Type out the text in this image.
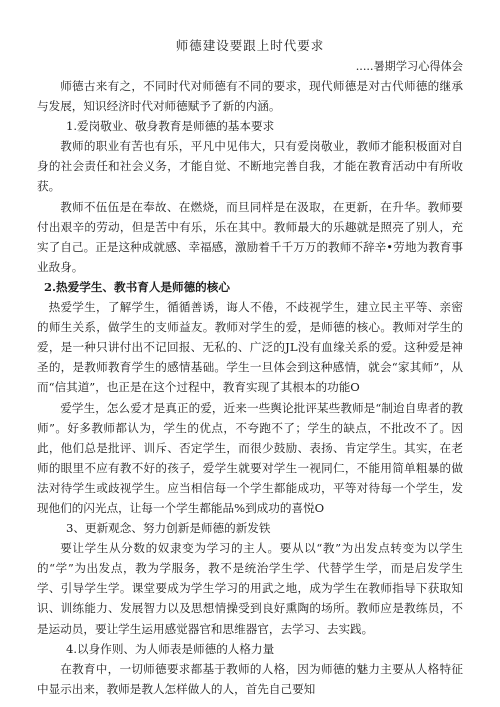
师德建设要跟上时代要求
.....暑期学习心得体会

师德古来有之，不同时代对师德有不同的要求，现代师德是对古代师德的继承与发展，知识经济时代对师德赋予了新的内涵。

1.爱岗敬业、敬身教育是师德的基本要求

教师的职业有苦也有乐，平凡中见伟大，只有爱岗敬业，教师才能积极面对自身的社会责任和社会义务，才能自觉、不断地完善自我，才能在教育活动中有所收获。

教师不伍伍是在奉故、在燃烧，而旦同样是在汲取，在更新，在升华。教师要付出艰辛的劳动，但是苦中有乐，乐在其中。教师最大的乐趣就是照亮了别人，充实了自己。正是这种成就感、幸福感，激励着千千万万的教师不辞辛•劳地为教育事业敌身。

2.热爱学生、教书育人是师德的核心

热爱学生，了解学生，循循善诱，诲人不倦，不歧视学生，建立民主平等、亲密的师生关系，做学生的支师益友。教师对学生的爱，是师德的核心。教师对学生的爱，是一种只讲付出不记回报、无私的、广泛的JL没有血缘关系的爱。这种爱是神圣的，是教师教育学生的感情基础。学生一旦体会到这种感情，就会“家其师”，从而“信其道”，也正是在这个过程中，教育实现了其根本的功能O

爱学生，怎么爱才是真正的爱，近来一些舆论批评某些教师是“制迨自卑者的教师”。好多教师都认为，学生的优点，不夸跑不了；学生的缺点，不批改不了。因此，他们总是批评、训斥、否定学生，而很少鼓励、表扬、肯定学生。其实，在老师的眼里不应有教不好的孩子，爱学生就要对学生一视同仁，不能用简单粗暴的做法对待学生或歧视学生。应当相信每一个学生都能成功，平等对待每一个学生，发现他们的闪光点，让每一个学生都能品%到成功的喜悦O

3、更新观念、努力创新是师德的新发铁

要让学生从分数的奴隶变为学习的主人。要从以“教”为出发点转变为以学生的“学”为出发点，教为学服务，教不是统治学生学、代替学生学，而是启发学生学、引导学生学。课堂要成为学生学习的用武之地，成为学生在教师指导下获取知识、训练能力、发展智力以及思想情操受到良好熏陶的场所。教师应是教练员，不是运动员，要让学生运用感觉器官和思维器官，去学习、去实践。

4.以身作则、为人师表是师德的人格力量

在教育中，一切师德要求都基于教师的人格，因为师德的魅力主要从人格特征中显示出来，教师是教人怎样做人的人，首先自己要知
